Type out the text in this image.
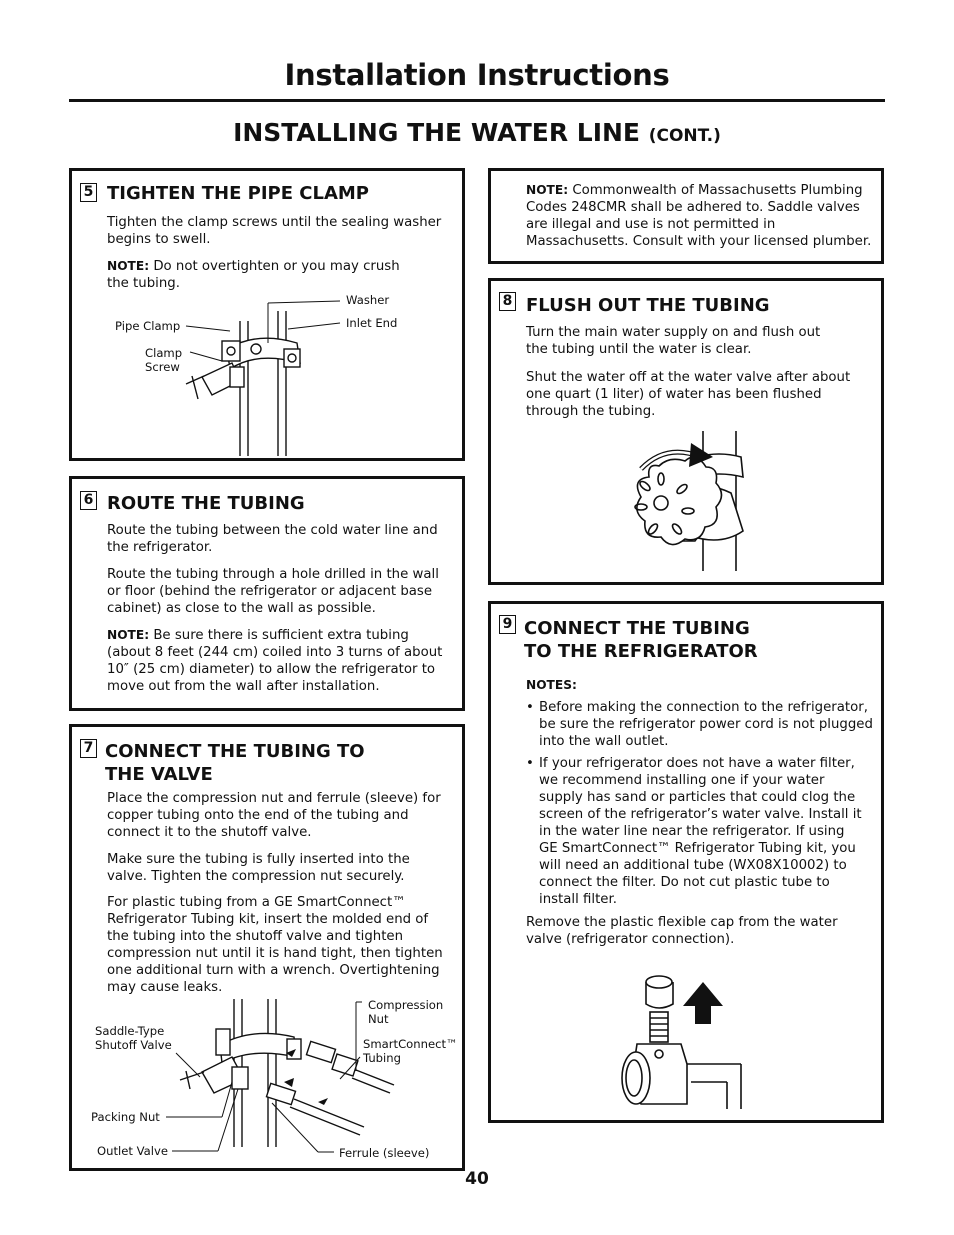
Installation Instructions
INSTALLING THE WATER LINE (CONT.)
5 TIGHTEN THE PIPE CLAMP
Tighten the clamp screws until the sealing washer begins to swell.
NOTE: Do not overtighten or you may crush the tubing.
Washer
Inlet End
Pipe Clamp
Clamp Screw
6 ROUTE THE TUBING
Route the tubing between the cold water line and the refrigerator.
Route the tubing through a hole drilled in the wall or floor (behind the refrigerator or adjacent base cabinet) as close to the wall as possible.
NOTE: Be sure there is sufficient extra tubing (about 8 feet (244 cm) coiled into 3 turns of about 10″ (25 cm) diameter) to allow the refrigerator to move out from the wall after installation.
7 CONNECT THE TUBING TO
THE VALVE
Place the compression nut and ferrule (sleeve) for copper tubing onto the end of the tubing and connect it to the shutoff valve.
Make sure the tubing is fully inserted into the valve. Tighten the compression nut securely.
For plastic tubing from a GE SmartConnect™ Refrigerator Tubing kit, insert the molded end of the tubing into the shutoff valve and tighten compression nut until it is hand tight, then tighten one additional turn with a wrench. Overtightening may cause leaks.
Compression
Nut
Saddle-Type
Shutoff Valve	SmartConnect™
Tubing
Packing Nut
Outlet Valve	Ferrule (sleeve)
NOTE: Commonwealth of Massachusetts Plumbing Codes 248CMR shall be adhered to. Saddle valves are illegal and use is not permitted in Massachusetts. Consult with your licensed plumber.
8 FLUSH OUT THE TUBING
Turn the main water supply on and flush out the tubing until the water is clear.
Shut the water off at the water valve after about one quart (1 liter) of water has been flushed through the tubing.
9 CONNECT THE TUBING
TO THE REFRIGERATOR
NOTES:
• Before making the connection to the refrigerator, be sure the refrigerator power cord is not plugged into the wall outlet.
• If your refrigerator does not have a water filter, we recommend installing one if your water supply has sand or particles that could clog the screen of the refrigerator’s water valve. Install it in the water line near the refrigerator. If using GE SmartConnect™ Refrigerator Tubing kit, you will need an additional tube (WX08X10002) to connect the filter. Do not cut plastic tube to install filter.
Remove the plastic flexible cap from the water valve (refrigerator connection).
40
